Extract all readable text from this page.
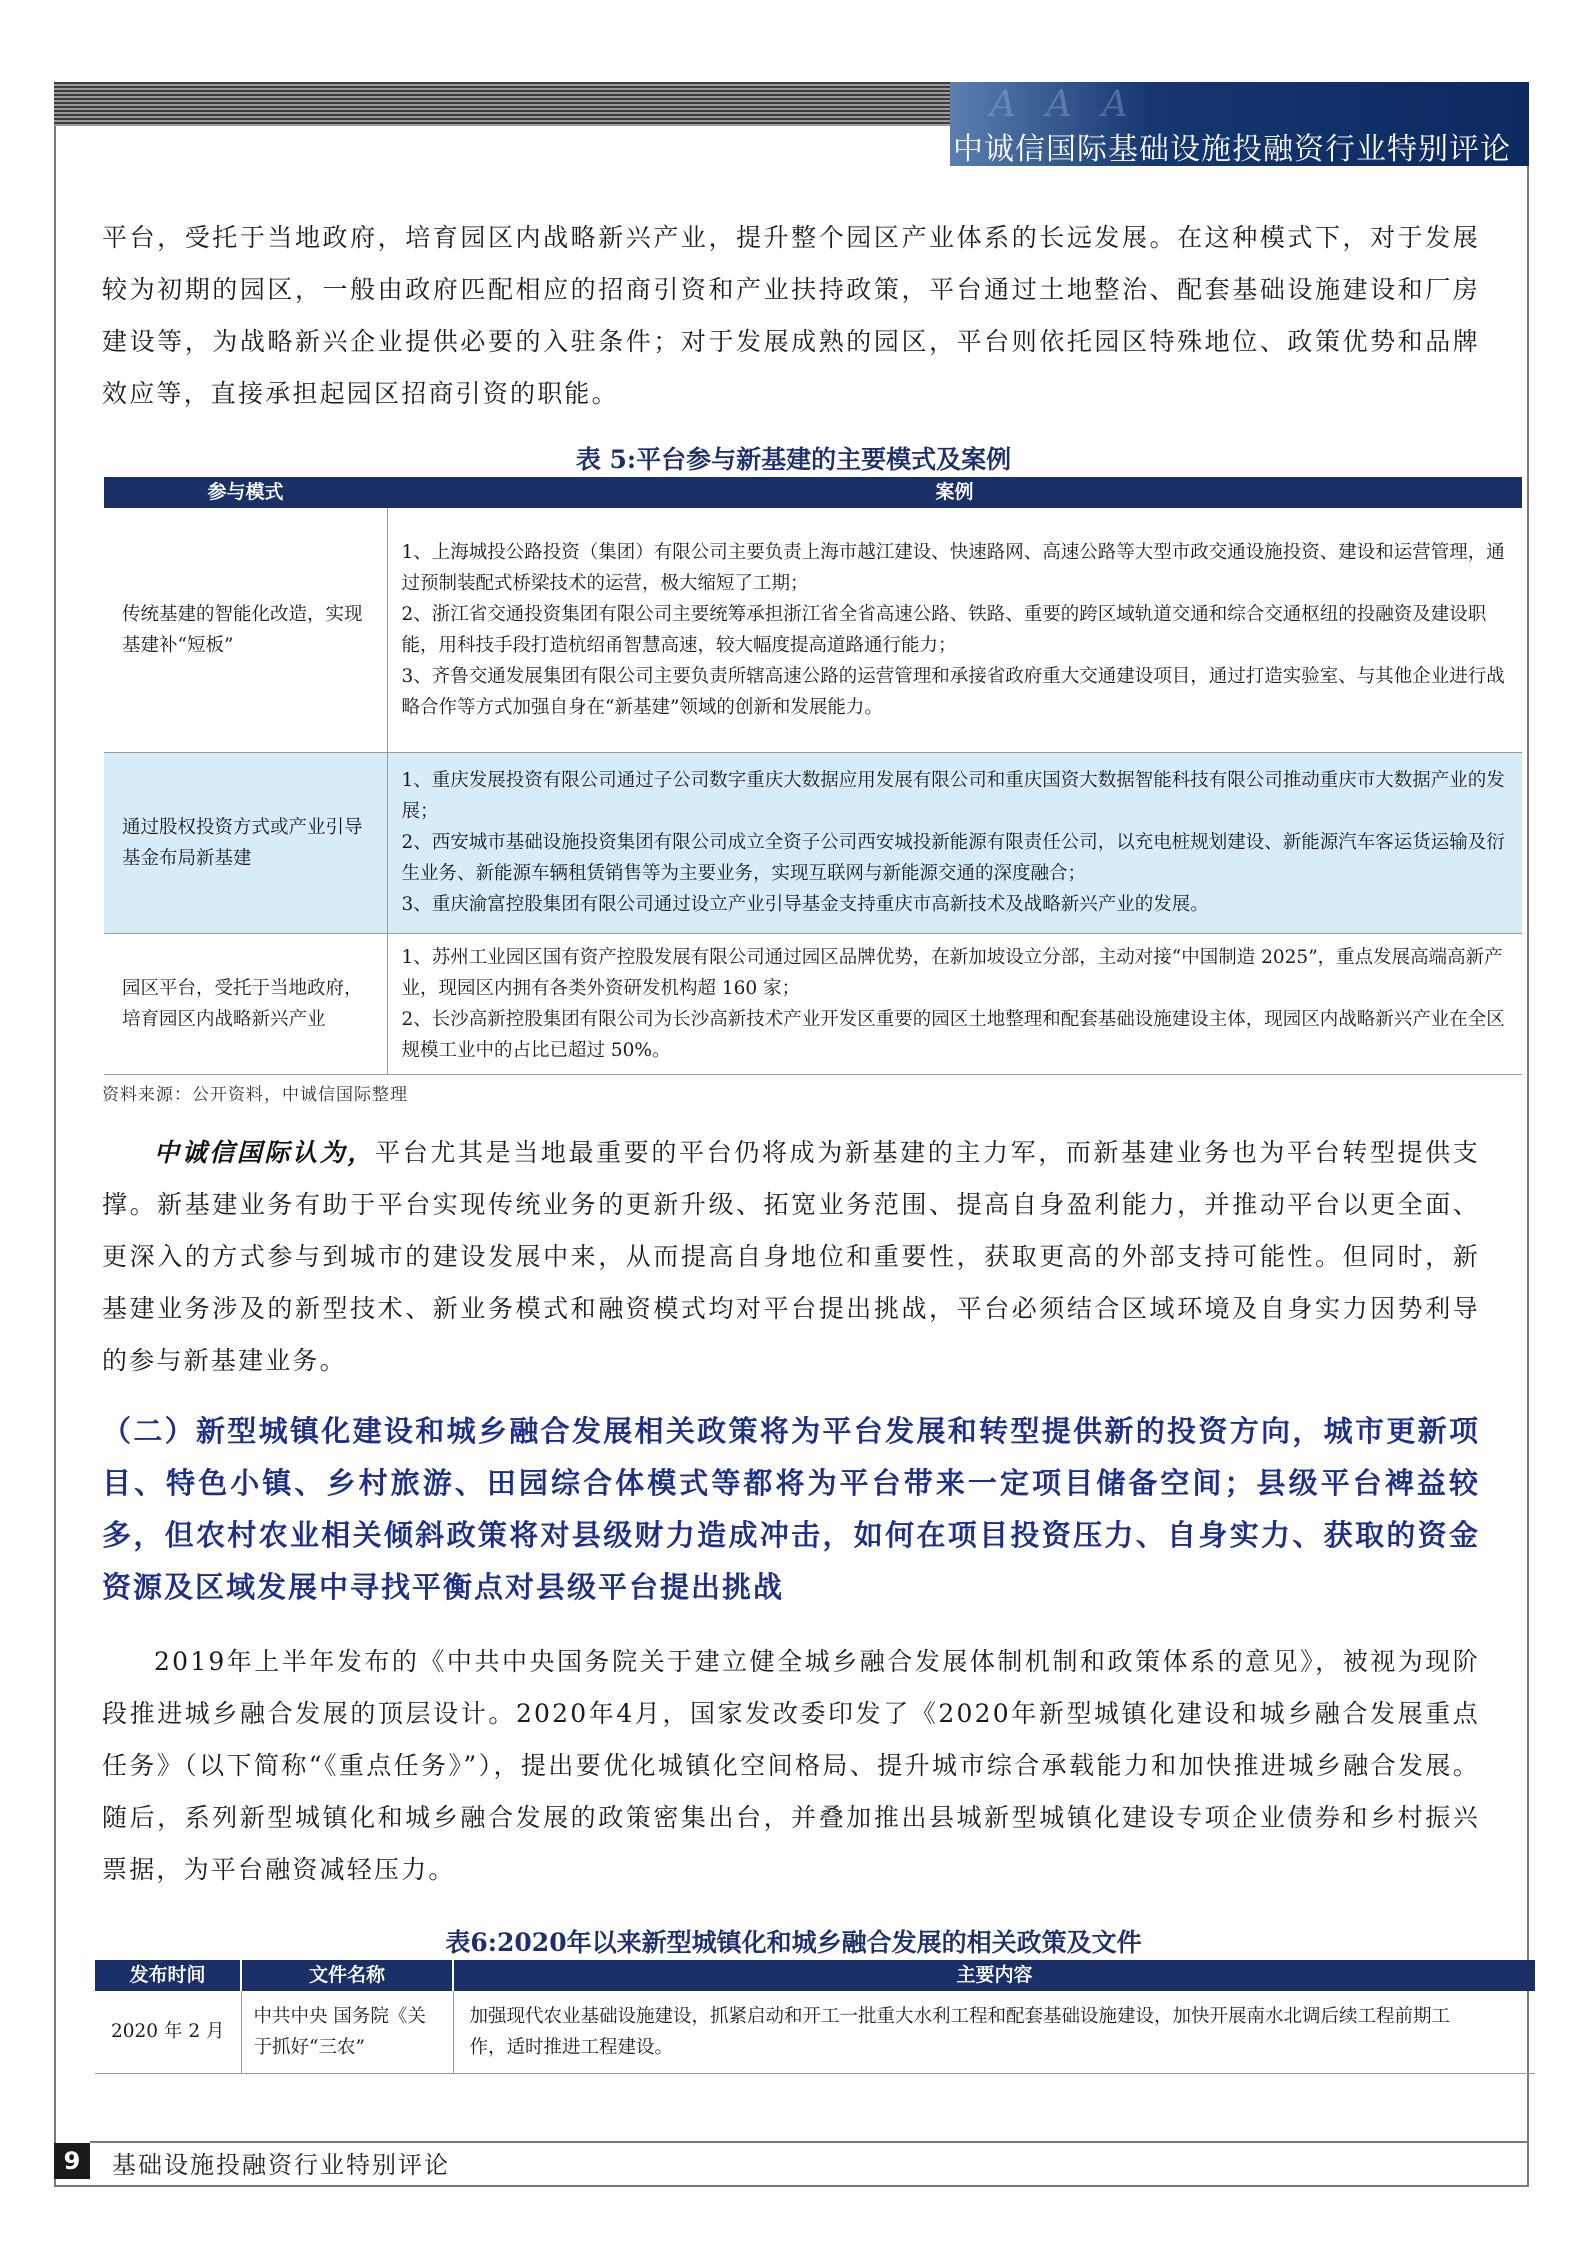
AAA
中诚信国际基础设施投融资行业特别评论

平台，受托于当地政府，培育园区内战略新兴产业，提升整个园区产业体系的长远发展。在这种模式下，对于发展较为初期的园区，一般由政府匹配相应的招商引资和产业扶持政策，平台通过土地整治、配套基础设施建设和厂房建设等，为战略新兴企业提供必要的入驻条件；对于发展成熟的园区，平台则依托园区特殊地位、政策优势和品牌效应等，直接承担起园区招商引资的职能。

表 5:平台参与新基建的主要模式及案例
参与模式	案例
传统基建的智能化改造，实现基建补“短板”	1、上海城投公路投资（集团）有限公司主要负责上海市越江建设、快速路网、高速公路等大型市政交通设施投资、建设和运营管理，通过预制装配式桥梁技术的运营，极大缩短了工期；
2、浙江省交通投资集团有限公司主要统筹承担浙江省全省高速公路、铁路、重要的跨区域轨道交通和综合交通枢纽的投融资及建设职能，用科技手段打造杭绍甬智慧高速，较大幅度提高道路通行能力；
3、齐鲁交通发展集团有限公司主要负责所辖高速公路的运营管理和承接省政府重大交通建设项目，通过打造实验室、与其他企业进行战略合作等方式加强自身在“新基建”领域的创新和发展能力。

通过股权投资方式或产业引导基金布局新基建	1、重庆发展投资有限公司通过子公司数字重庆大数据应用发展有限公司和重庆国资大数据智能科技有限公司推动重庆市大数据产业的发展；
2、西安城市基础设施投资集团有限公司成立全资子公司西安城投新能源有限责任公司，以充电桩规划建设、新能源汽车客运货运输及衍生业务、新能源车辆租赁销售等为主要业务，实现互联网与新能源交通的深度融合；
3、重庆渝富控股集团有限公司通过设立产业引导基金支持重庆市高新技术及战略新兴产业的发展。

园区平台，受托于当地政府，培育园区内战略新兴产业	1、苏州工业园区国有资产控股发展有限公司通过园区品牌优势，在新加坡设立分部，主动对接“中国制造 2025”，重点发展高端高新产业，现园区内拥有各类外资研发机构超 160 家；
2、长沙高新控股集团有限公司为长沙高新技术产业开发区重要的园区土地整理和配套基础设施建设主体，现园区内战略新兴产业在全区规模工业中的占比已超过 50%。
资料来源：公开资料，中诚信国际整理

中诚信国际认为，平台尤其是当地最重要的平台仍将成为新基建的主力军，而新基建业务也为平台转型提供支撑。新基建业务有助于平台实现传统业务的更新升级、拓宽业务范围、提高自身盈利能力，并推动平台以更全面、更深入的方式参与到城市的建设发展中来，从而提高自身地位和重要性，获取更高的外部支持可能性。但同时，新基建业务涉及的新型技术、新业务模式和融资模式均对平台提出挑战，平台必须结合区域环境及自身实力因势利导的参与新基建业务。

（二）新型城镇化建设和城乡融合发展相关政策将为平台发展和转型提供新的投资方向，城市更新项目、特色小镇、乡村旅游、田园综合体模式等都将为平台带来一定项目储备空间；县级平台裨益较多，但农村农业相关倾斜政策将对县级财力造成冲击，如何在项目投资压力、自身实力、获取的资金资源及区域发展中寻找平衡点对县级平台提出挑战

2019年上半年发布的《中共中央国务院关于建立健全城乡融合发展体制机制和政策体系的意见》，被视为现阶段推进城乡融合发展的顶层设计。2020年4月，国家发改委印发了《2020年新型城镇化建设和城乡融合发展重点任务》（以下简称“《重点任务》”），提出要优化城镇化空间格局、提升城市综合承载能力和加快推进城乡融合发展。随后，系列新型城镇化和城乡融合发展的政策密集出台，并叠加推出县城新型城镇化建设专项企业债券和乡村振兴票据，为平台融资减轻压力。

表6:2020年以来新型城镇化和城乡融合发展的相关政策及文件
发布时间	文件名称	主要内容
2020 年 2 月	中共中央 国务院《关于抓好“三农”	加强现代农业基础设施建设，抓紧启动和开工一批重大水利工程和配套基础设施建设，加快开展南水北调后续工程前期工作，适时推进工程建设。
9	基础设施投融资行业特别评论
